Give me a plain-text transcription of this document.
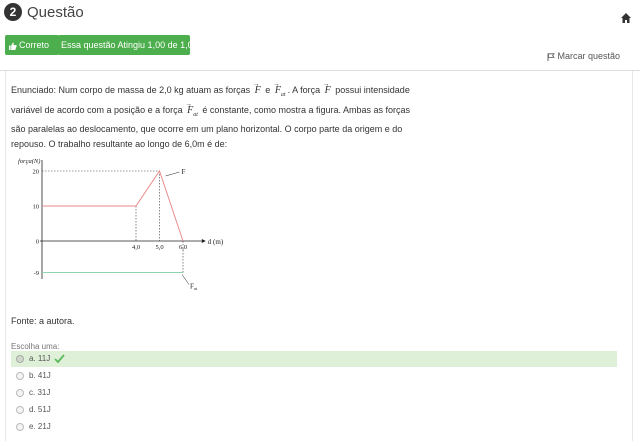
2 Questão
Correto	Essa questão Atingiu 1,00 de 1,00
Marcar questão
Enunciado: Num corpo de massa de 2,0 kg atuam as forças → F $e \to F_{at}$ . A força → F possui intensidade variável de acordo com a posição e a força → $F_{at}$ é constante, como mostra a figura. Ambas as forças são paralelas ao deslocamento, que ocorre em um plano horizontal. O corpo parte da origem e do repouso. O trabalho resultante ao longo de 6,0m é de:
d (m)
força(N)
20
10
0
-9
4,0 5,0 6,0
F
$F_{at}$
Fonte: a autora.
Escolha uma:
a. 11J
b. 41J
c. 31J
d. 51J
e. 21J
